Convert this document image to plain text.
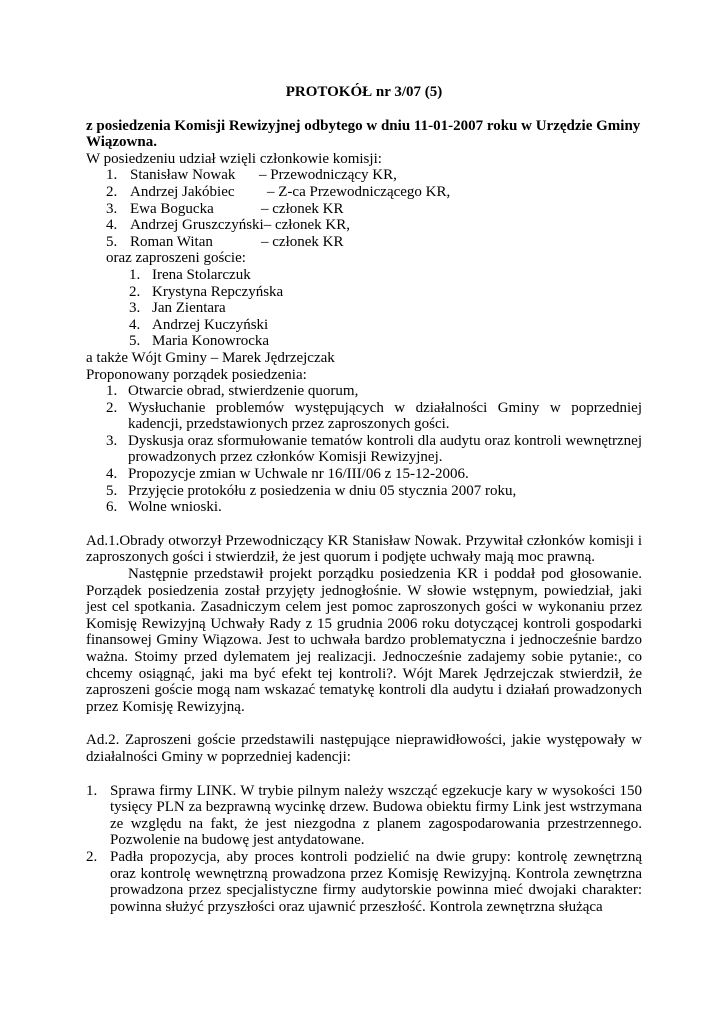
PROTOKÓŁ nr 3/07 (5)

z posiedzenia Komisji Rewizyjnej odbytego w dniu 11-01-2007 roku w Urzędzie Gminy Wiązowna.

W posiedzeniu udział wzięli członkowie komisji:

1. Stanisław Nowak – Przewodniczący KR,
2. Andrzej Jakóbiec – Z-ca Przewodniczącego KR,
3. Ewa Bogucka	– członek KR
4. Andrzej Gruszczyński– członek KR,
5. Roman Witan	– członek KR

oraz zaproszeni goście:

1. Irena Stolarczuk
2. Krystyna Repczyńska
3. Jan Zientara
4. Andrzej Kuczyński
5. Maria Konowrocka

a także Wójt Gminy – Marek Jędrzejczak

Proponowany porządek posiedzenia:

1. Otwarcie obrad, stwierdzenie quorum,
2. Wysłuchanie problemów występujących w działalności Gminy w poprzedniej kadencji, przedstawionych przez zaproszonych gości.
3. Dyskusja oraz sformułowanie tematów kontroli dla audytu oraz kontroli wewnętrznej prowadzonych przez członków Komisji Rewizyjnej.
4. Propozycje zmian w Uchwale nr 16/III/06 z 15-12-2006.
5. Przyjęcie protokółu z posiedzenia w dniu 05 stycznia 2007 roku,
6. Wolne wnioski.

Ad.1.Obrady otworzył Przewodniczący KR Stanisław Nowak. Przywitał członków komisji i zaproszonych gości i stwierdził, że jest quorum i podjęte uchwały mają moc prawną.

Następnie przedstawił projekt porządku posiedzenia KR i poddał pod głosowanie. Porządek posiedzenia został przyjęty jednogłośnie. W słowie wstępnym, powiedział, jaki jest cel spotkania. Zasadniczym celem jest pomoc zaproszonych gości w wykonaniu przez Komisję Rewizyjną Uchwały Rady z 15 grudnia 2006 roku dotyczącej kontroli gospodarki finansowej Gminy Wiązowa. Jest to uchwała bardzo problematyczna i jednocześnie bardzo ważna. Stoimy przed dylematem jej realizacji. Jednocześnie zadajemy sobie pytanie:, co chcemy osiągnąć, jaki ma być efekt tej kontroli?. Wójt Marek Jędrzejczak stwierdził, że zaproszeni goście mogą nam wskazać tematykę kontroli dla audytu i działań prowadzonych przez Komisję Rewizyjną.

Ad.2. Zaproszeni goście przedstawili następujące nieprawidłowości, jakie występowały w działalności Gminy w poprzedniej kadencji:

1. Sprawa firmy LINK. W trybie pilnym należy wszcząć egzekucje kary w wysokości 150 tysięcy PLN za bezprawną wycinkę drzew. Budowa obiektu firmy Link jest wstrzymana ze względu na fakt, że jest niezgodna z planem zagospodarowania przestrzennego. Pozwolenie na budowę jest antydatowane.
2. Padła propozycja, aby proces kontroli podzielić na dwie grupy: kontrolę zewnętrzną oraz kontrolę wewnętrzną prowadzona przez Komisję Rewizyjną. Kontrola zewnętrzna prowadzona przez specjalistyczne firmy audytorskie powinna mieć dwojaki charakter: powinna służyć przyszłości oraz ujawnić przeszłość. Kontrola zewnętrzna służąca
